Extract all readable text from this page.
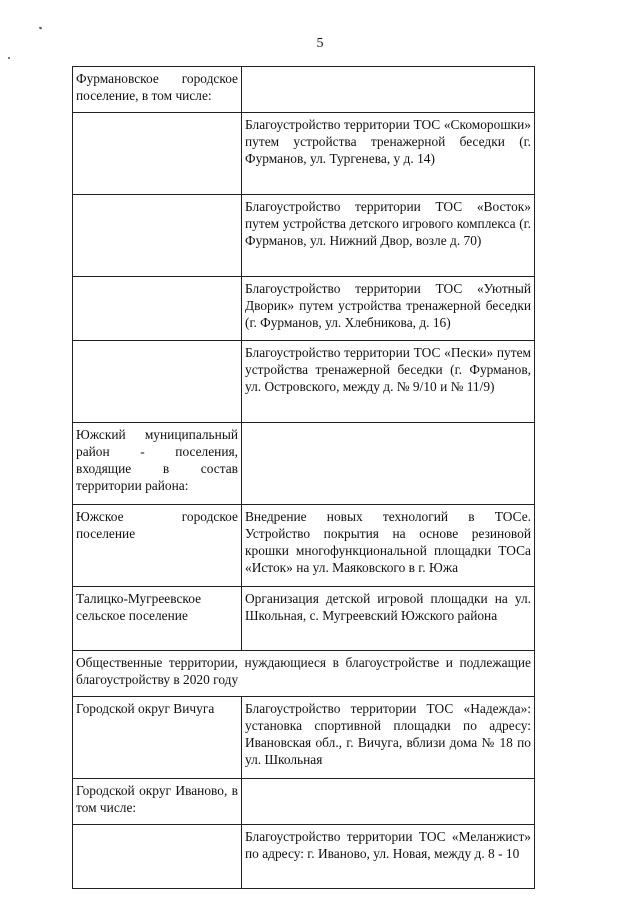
5
Фурмановское городское поселение, в том числе:	
	Благоустройство территории ТОС «Скоморошки» путем устройства тренажерной беседки (г. Фурманов, ул. Тургенева, у д. 14)
	Благоустройство территории ТОС «Восток» путем устройства детского игрового комплекса (г. Фурманов, ул. Нижний Двор, возле д. 70)
	Благоустройство территории ТОС «Уютный Дворик» путем устройства тренажерной беседки (г. Фурманов, ул. Хлебникова, д. 16)
	Благоустройство территории ТОС «Пески» путем устройства тренажерной беседки (г. Фурманов, ул. Островского, между д. № 9/10 и № 11/9)
Южский муниципальный район - поселения, входящие в состав территории района:	
Южское городское поселение	Внедрение новых технологий в ТОСе. Устройство покрытия на основе резиновой крошки многофункциональной площадки ТОСа «Исток» на ул. Маяковского в г. Южа
Талицко-Мугреевское сельское поселение	Организация детской игровой площадки на ул. Школьная, с. Мугреевский Южского района
Общественные территории, нуждающиеся в благоустройстве и подлежащие благоустройству в 2020 году	
Городской округ Вичуга	Благоустройство территории ТОС «Надежда»: установка спортивной площадки по адресу: Ивановская обл., г. Вичуга, вблизи дома № 18 по ул. Школьная
Городской округ Иваново, в том числе:	
	Благоустройство территории ТОС «Меланжист» по адресу: г. Иваново, ул. Новая, между д. 8 - 10
